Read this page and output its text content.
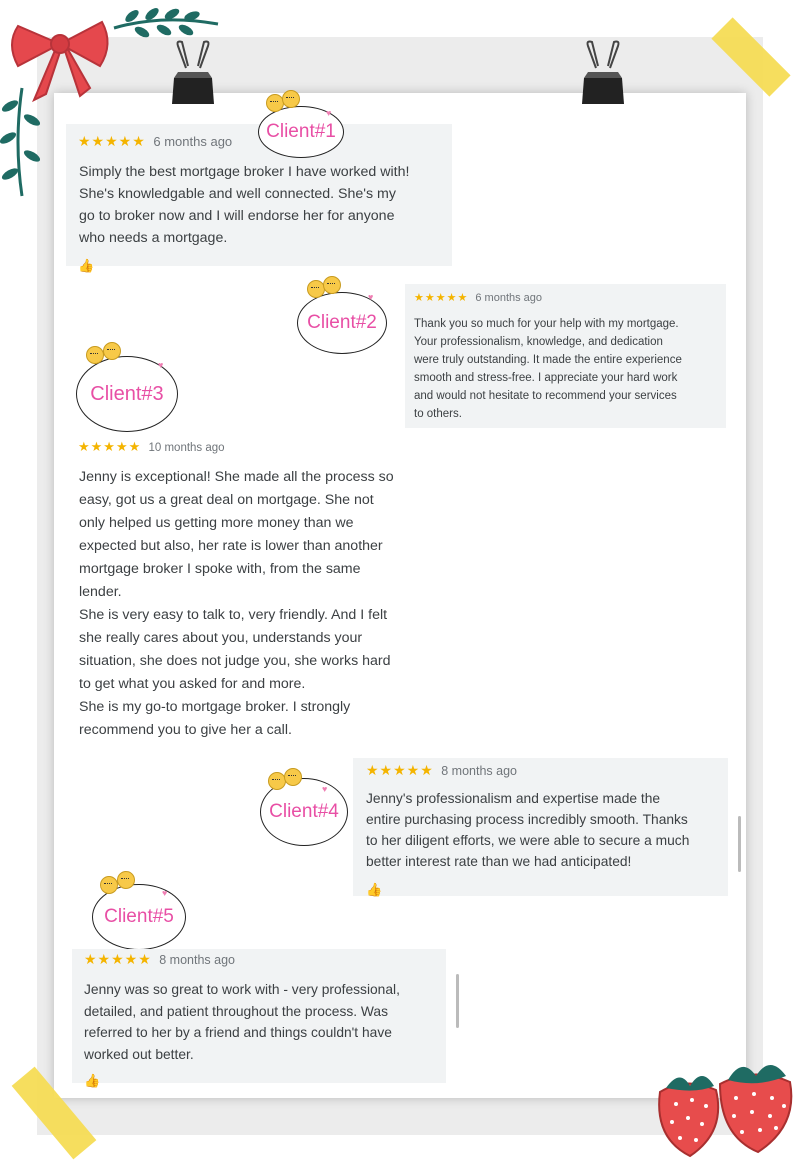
★★★★★ 6 months ago
Simply the best mortgage broker I have worked with!
She's knowledgable and well connected. She's my
go to broker now and I will endorse her for anyone
who needs a mortgage.
👍
Client#1
♥
★★★★★ 6 months ago
Thank you so much for your help with my mortgage.
Your professionalism, knowledge, and dedication
were truly outstanding. It made the entire experience
smooth and stress-free. I appreciate your hard work
and would not hesitate to recommend your services
to others.
Client#2
♥
Client#3
♥
★★★★★ 10 months ago
Jenny is exceptional! She made all the process so
easy, got us a great deal on mortgage. She not
only helped us getting more money than we
expected but also, her rate is lower than another
mortgage broker I spoke with, from the same
lender.
She is very easy to talk to, very friendly. And I felt
she really cares about you, understands your
situation, she does not judge you, she works hard
to get what you asked for and more.
She is my go-to mortgage broker. I strongly
recommend you to give her a call.
★★★★★ 8 months ago
Jenny's professionalism and expertise made the
entire purchasing process incredibly smooth. Thanks
to her diligent efforts, we were able to secure a much
better interest rate than we had anticipated!
👍
Client#4
♥
Client#5
♥
★★★★★ 8 months ago
Jenny was so great to work with - very professional,
detailed, and patient throughout the process. Was
referred to her by a friend and things couldn't have
worked out better.
👍
